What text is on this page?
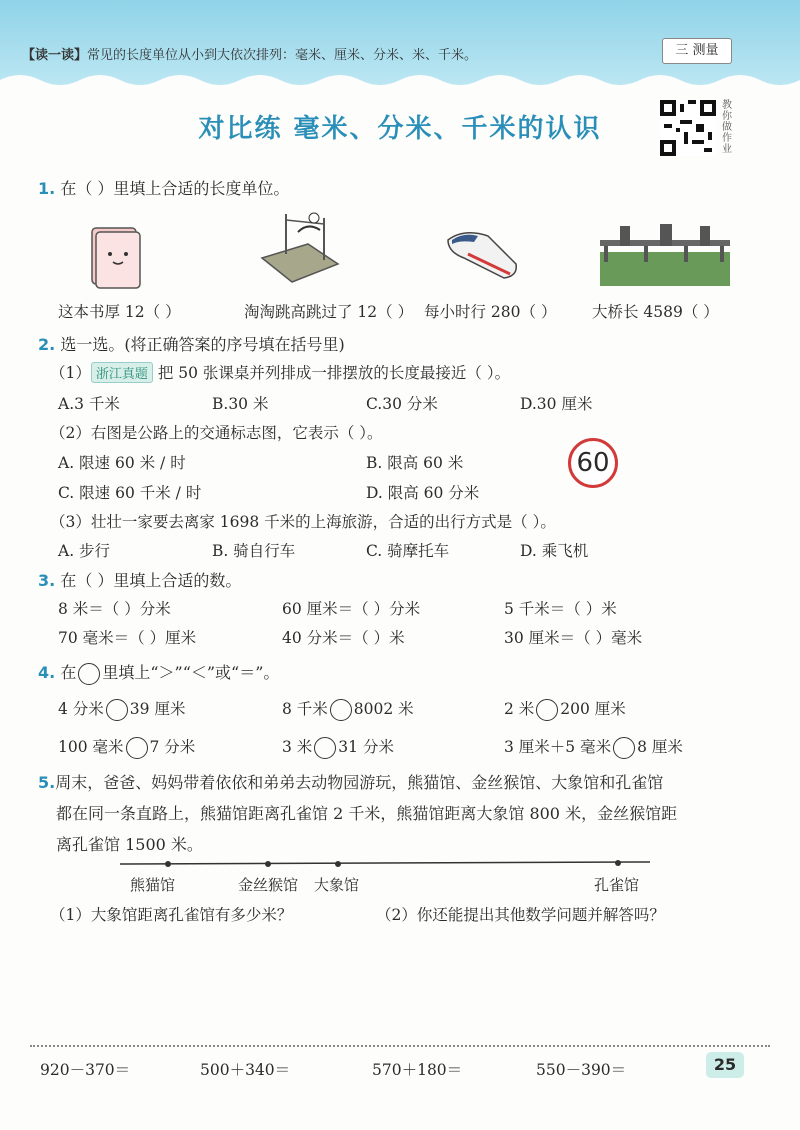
【读一读】常见的长度单位从小到大依次排列：毫米、厘米、分米、米、千米。	三 测量
对比练 毫米、分米、千米的认识
教你做作业
1. 在（ ）里填上合适的长度单位。
这本书厚 12（ ）	淘淘跳高跳过了 12（ ） 每小时行 280（ ） 大桥长 4589（ ）
2. 选一选。(将正确答案的序号填在括号里)
（1） 浙江真题 把 50 张课桌并列排成一排摆放的长度最接近（ ）。
A.3 千米	B.30 米	C.30 分米	D.30 厘米
（2）右图是公路上的交通标志图，它表示（ ）。
A. 限速 60 米 / 时	B. 限高 60 米
C. 限速 60 千米 / 时	D. 限高 60 分米
60
（3）壮壮一家要去离家 1698 千米的上海旅游，合适的出行方式是（ ）。
A. 步行	B. 骑自行车	C. 骑摩托车	D. 乘飞机
3. 在（ ）里填上合适的数。
8 米＝（ ）分米	60 厘米＝（ ）分米	5 千米＝（ ）米
70 毫米＝（ ）厘米	40 分米＝（ ）米	30 厘米＝（ ）毫米
4. 在 里填上“＞”“＜”或“＝”。
4 分米 39 厘米	8 千米 8002 米	2 米 200 厘米
100 毫米 7 分米	3 米 31 分米	3 厘米＋5 毫米 8 厘米
5.周末，爸爸、妈妈带着依依和弟弟去动物园游玩，熊猫馆、金丝猴馆、大象馆和孔雀馆
都在同一条直路上，熊猫馆距离孔雀馆 2 千米，熊猫馆距离大象馆 800 米，金丝猴馆距
离孔雀馆 1500 米。
熊猫馆	金丝猴馆 大象馆	孔雀馆
（1）大象馆距离孔雀馆有多少米？	（2）你还能提出其他数学问题并解答吗？
920－370＝	500＋340＝	570＋180＝	550－390＝	25
